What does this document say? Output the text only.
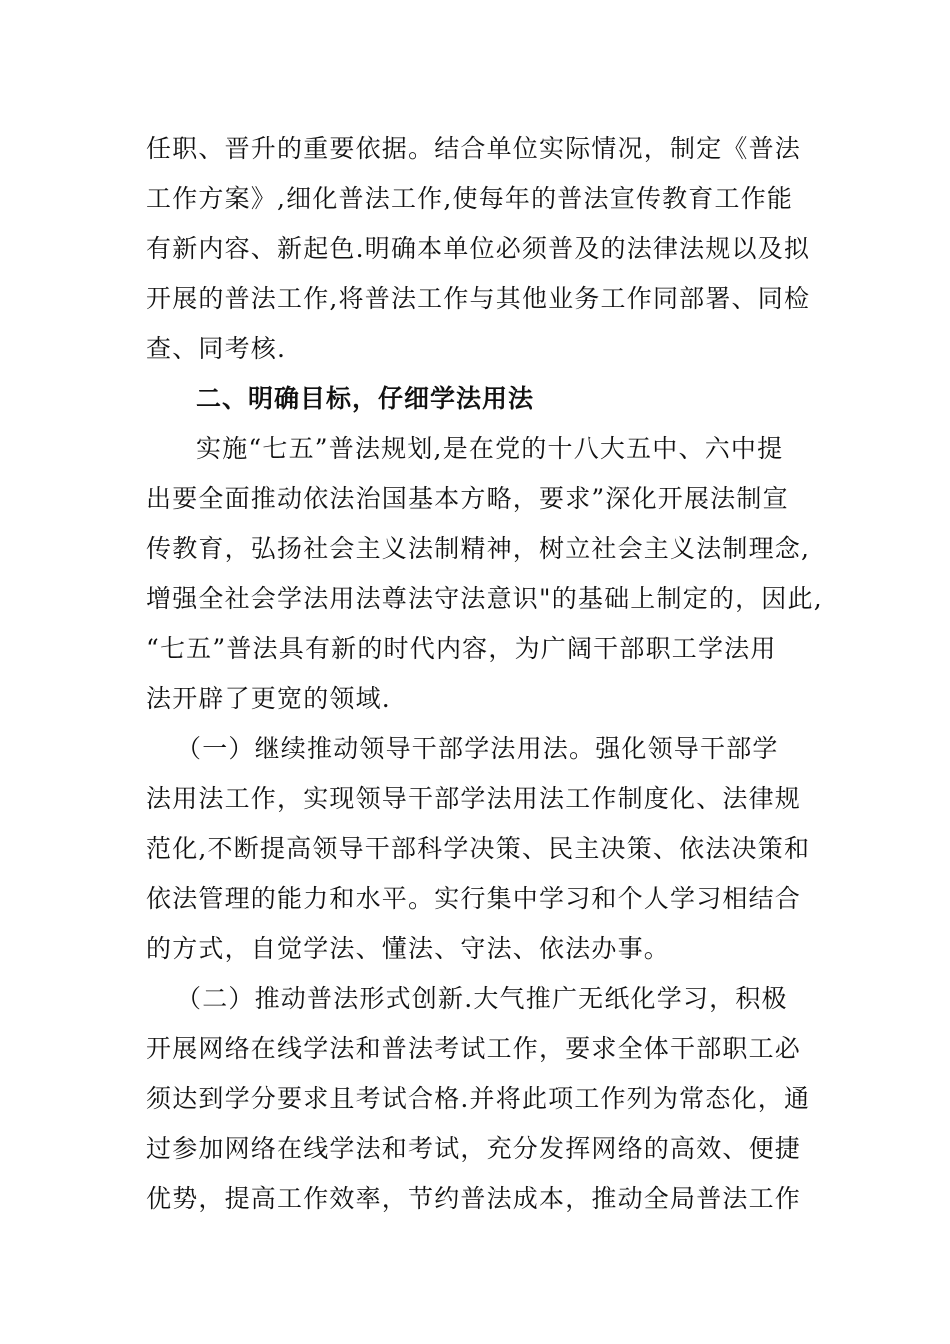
任职、晋升的重要依据。结合单位实际情况，制定《普法
工作方案》,细化普法工作,使每年的普法宣传教育工作能
有新内容、新起色.明确本单位必须普及的法律法规以及拟
开展的普法工作,将普法工作与其他业务工作同部署、同检
查、同考核.
二、明确目标，仔细学法用法
实施“七五”普法规划,是在党的十八大五中、六中提
出要全面推动依法治国基本方略，要求”深化开展法制宣
传教育，弘扬社会主义法制精神，树立社会主义法制理念,
增强全社会学法用法尊法守法意识"的基础上制定的，因此,
“七五”普法具有新的时代内容，为广阔干部职工学法用
法开辟了更宽的领域.
（一）继续推动领导干部学法用法。强化领导干部学
法用法工作，实现领导干部学法用法工作制度化、法律规
范化,不断提高领导干部科学决策、民主决策、依法决策和
依法管理的能力和水平。实行集中学习和个人学习相结合
的方式，自觉学法、懂法、守法、依法办事。
（二）推动普法形式创新.大气推广无纸化学习，积极
开展网络在线学法和普法考试工作，要求全体干部职工必
须达到学分要求且考试合格.并将此项工作列为常态化，通
过参加网络在线学法和考试，充分发挥网络的高效、便捷
优势，提高工作效率，节约普法成本，推动全局普法工作
